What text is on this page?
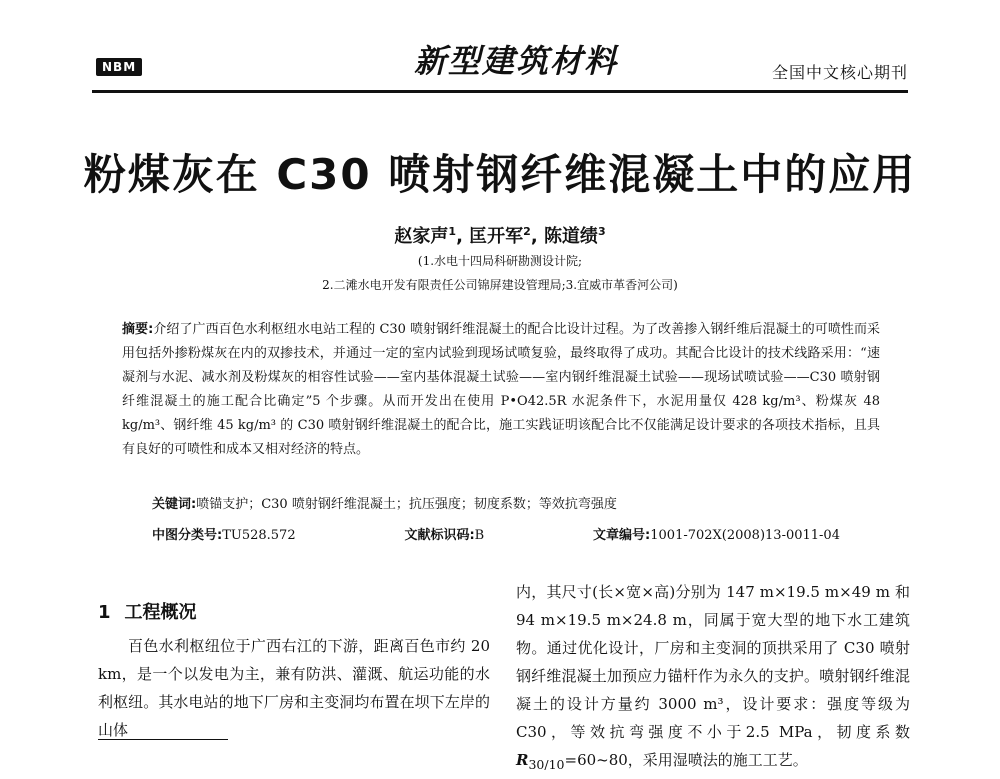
NBM	新型建筑材料	全国中文核心期刊
粉煤灰在 C30 喷射钢纤维混凝土中的应用
赵家声$^1$, 匡开军$^2$, 陈道绩$^3$
(1.水电十四局科研勘测设计院;
2.二滩水电开发有限责任公司锦屏建设管理局;3.宜威市革香河公司)
摘要:介绍了广西百色水利枢纽水电站工程的 C30 喷射钢纤维混凝土的配合比设计过程。为了改善掺入钢纤维后混凝土的可喷性而采用包括外掺粉煤灰在内的双掺技术，并通过一定的室内试验到现场试喷复验，最终取得了成功。其配合比设计的技术线路采用：“速凝剂与水泥、减水剂及粉煤灰的相容性试验——室内基体混凝土试验——室内钢纤维混凝土试验——现场试喷试验——C30 喷射钢纤维混凝土的施工配合比确定”5 个步骤。从而开发出在使用 P•O42.5R 水泥条件下，水泥用量仅 428 kg/m³、粉煤灰 48 kg/m³、钢纤维 45 kg/m³ 的 C30 喷射钢纤维混凝土的配合比，施工实践证明该配合比不仅能满足设计要求的各项技术指标，且具有良好的可喷性和成本又相对经济的特点。
关键词:喷锚支护；C30 喷射钢纤维混凝土；抗压强度；韧度系数；等效抗弯强度
中图分类号:TU528.572	文献标识码:B	文章编号:1001-702X(2008)13-0011-04
1 工程概况

百色水利枢纽位于广西右江的下游，距离百色市约 20 km，是一个以发电为主，兼有防洪、灌溉、航运功能的水利枢纽。其水电站的地下厂房和主变洞均布置在坝下左岸的山体

内，其尺寸(长×宽×高)分别为 147 m×19.5 m×49 m 和 94 m×19.5 m×24.8 m，同属于宽大型的地下水工建筑物。通过优化设计，厂房和主变洞的顶拱采用了 C30 喷射钢纤维混凝土加预应力锚杆作为永久的支护。喷射钢纤维混凝土的设计方量约 3000 m³，设计要求：强度等级为 C30，等效抗弯强度不小于2.5 MPa，韧度系数 $R_{30/10}=60\sim 80$，采用湿喷法的施工工艺。
